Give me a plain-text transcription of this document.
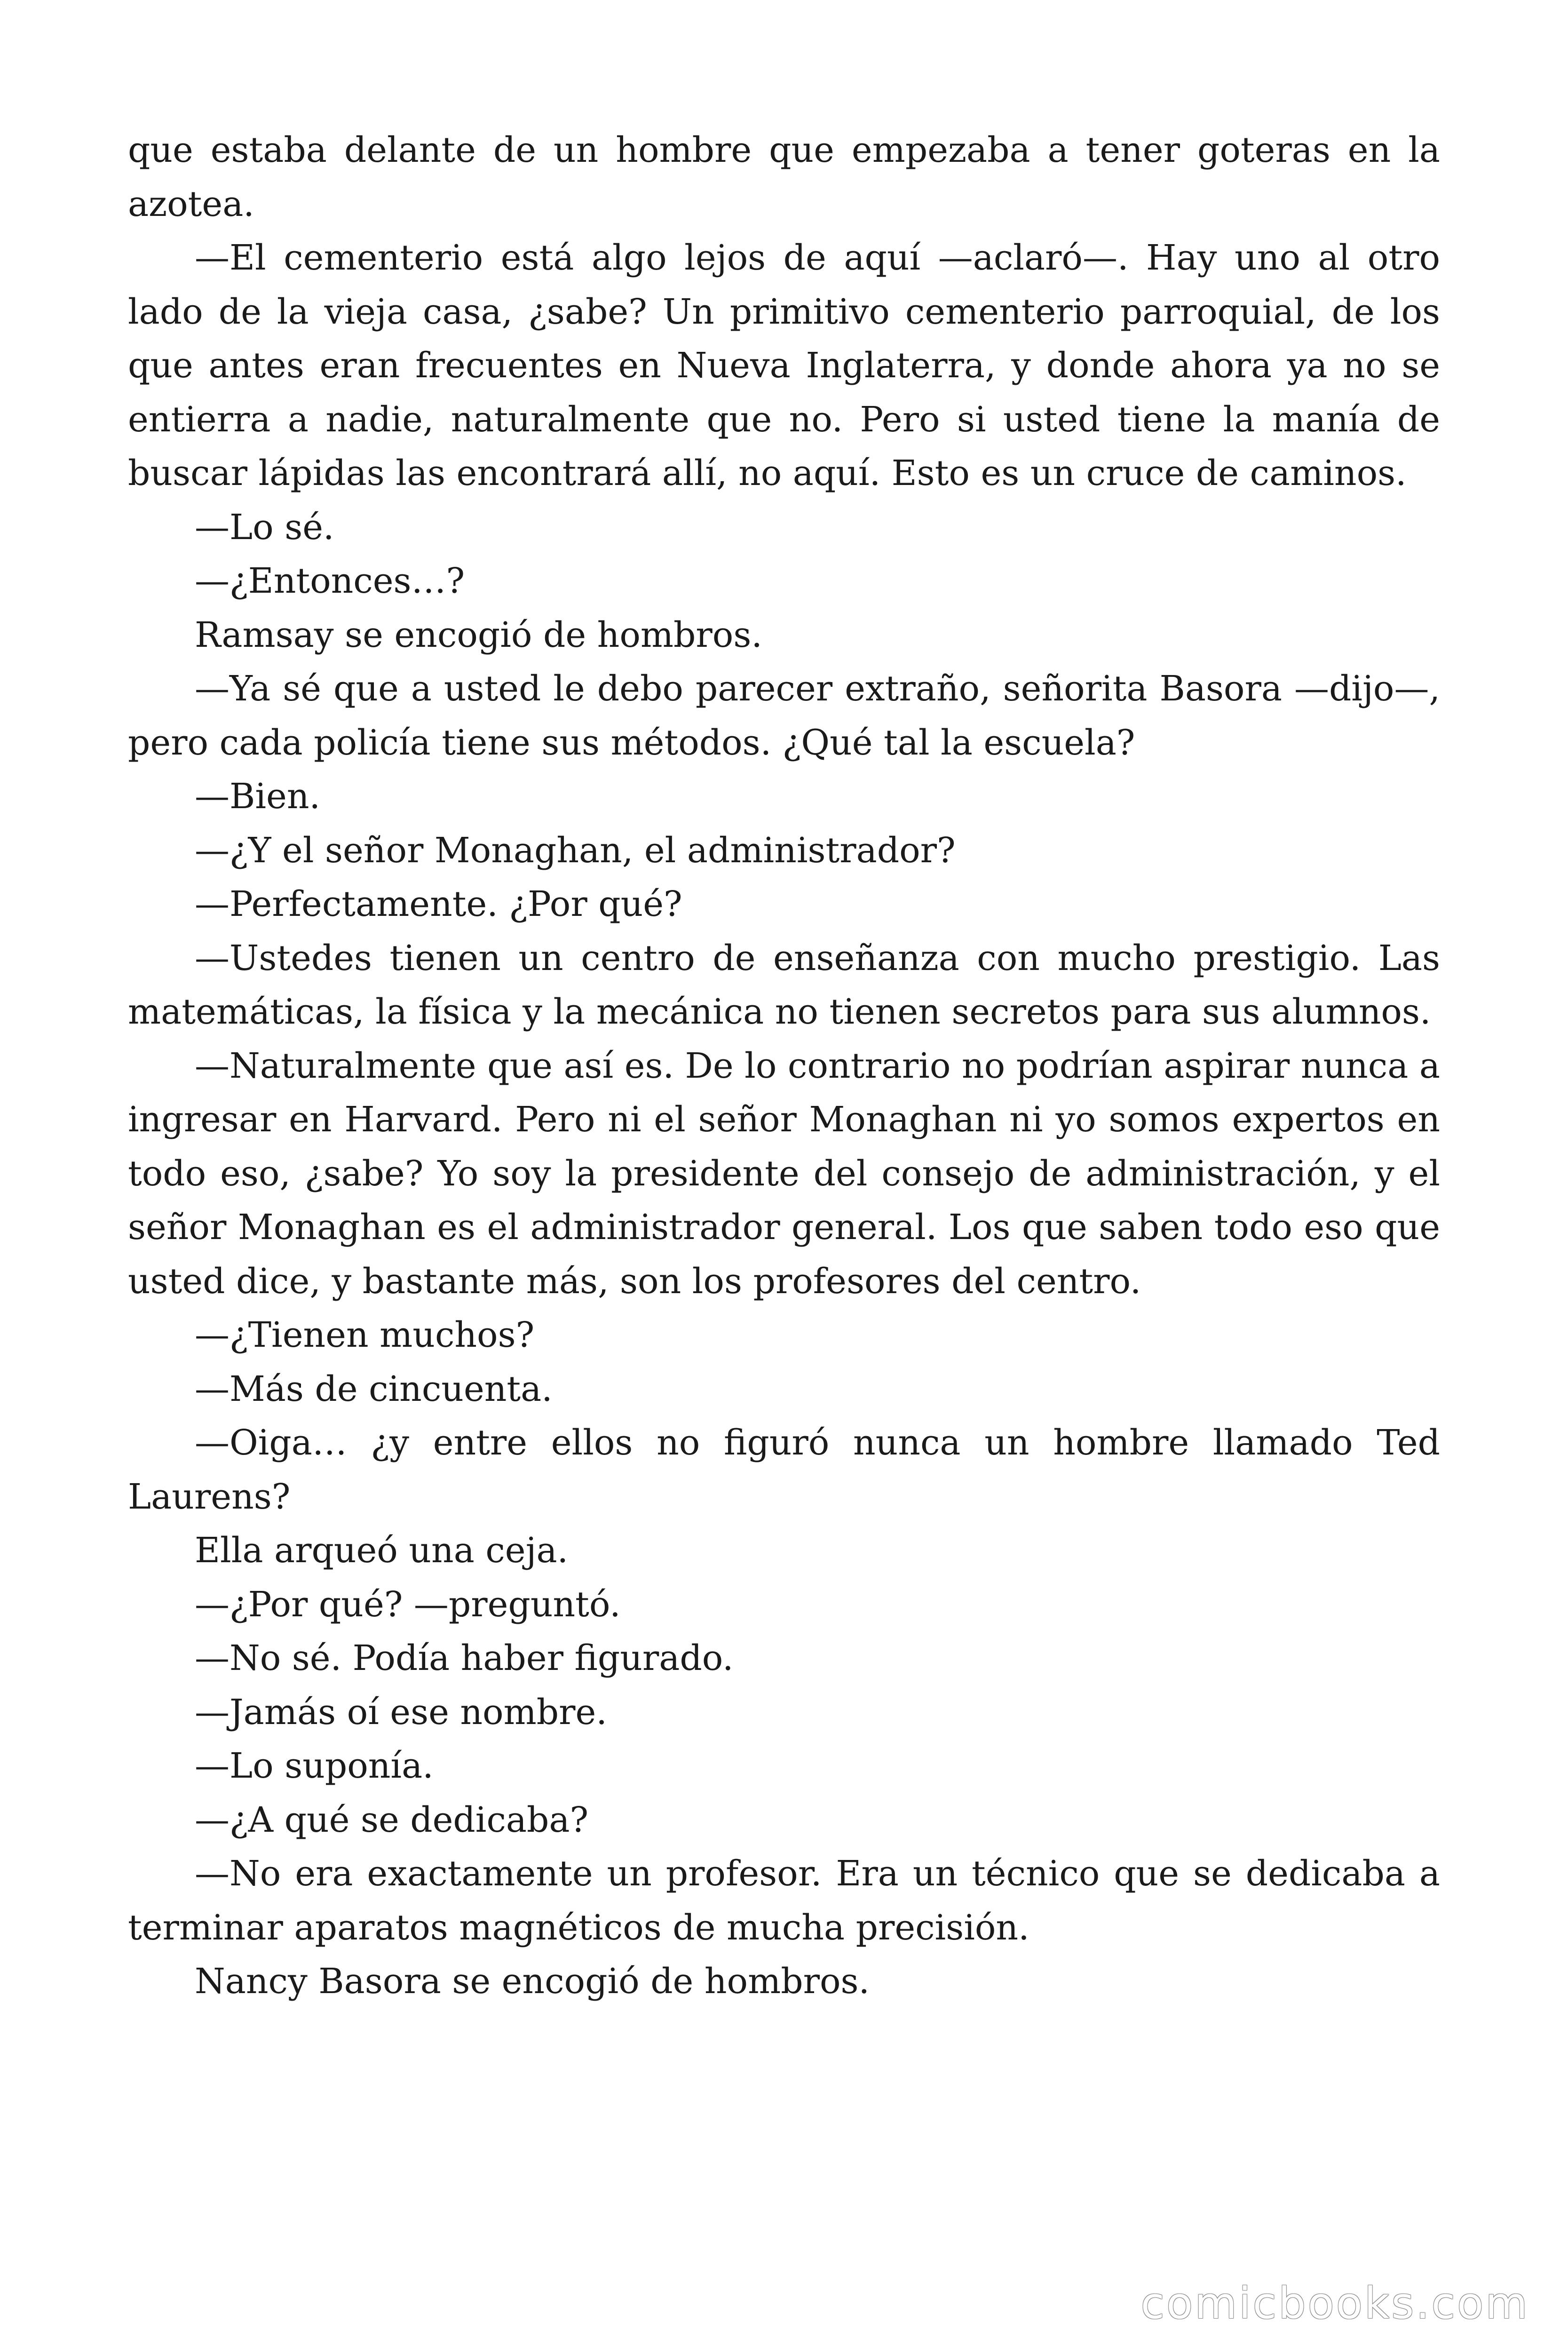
que estaba delante de un hombre que empezaba a tener goteras en la azotea.

—El cementerio está algo lejos de aquí —aclaró—. Hay uno al otro lado de la vieja casa, ¿sabe? Un primitivo cementerio parroquial, de los que antes eran frecuentes en Nueva Inglaterra, y donde ahora ya no se entierra a nadie, naturalmente que no. Pero si usted tiene la manía de buscar lápidas las encontrará allí, no aquí. Esto es un cruce de caminos.

—Lo sé.

—¿Entonces…?

Ramsay se encogió de hombros.

—Ya sé que a usted le debo parecer extraño, señorita Basora —dijo—, pero cada policía tiene sus métodos. ¿Qué tal la escuela?

—Bien.

—¿Y el señor Monaghan, el administrador?

—Perfectamente. ¿Por qué?

—Ustedes tienen un centro de enseñanza con mucho prestigio. Las matemáticas, la física y la mecánica no tienen secretos para sus alumnos.

—Naturalmente que así es. De lo contrario no podrían aspirar nunca a ingresar en Harvard. Pero ni el señor Monaghan ni yo somos expertos en todo eso, ¿sabe? Yo soy la presidente del consejo de administración, y el señor Monaghan es el administrador general. Los que saben todo eso que usted dice, y bastante más, son los profesores del centro.

—¿Tienen muchos?

—Más de cincuenta.

—Oiga… ¿y entre ellos no figuró nunca un hombre llamado Ted Laurens?

Ella arqueó una ceja.

—¿Por qué? —preguntó.

—No sé. Podía haber figurado.

—Jamás oí ese nombre.

—Lo suponía.

—¿A qué se dedicaba?

—No era exactamente un profesor. Era un técnico que se dedicaba a terminar aparatos magnéticos de mucha precisión.

Nancy Basora se encogió de hombros.

comicbooks.com
